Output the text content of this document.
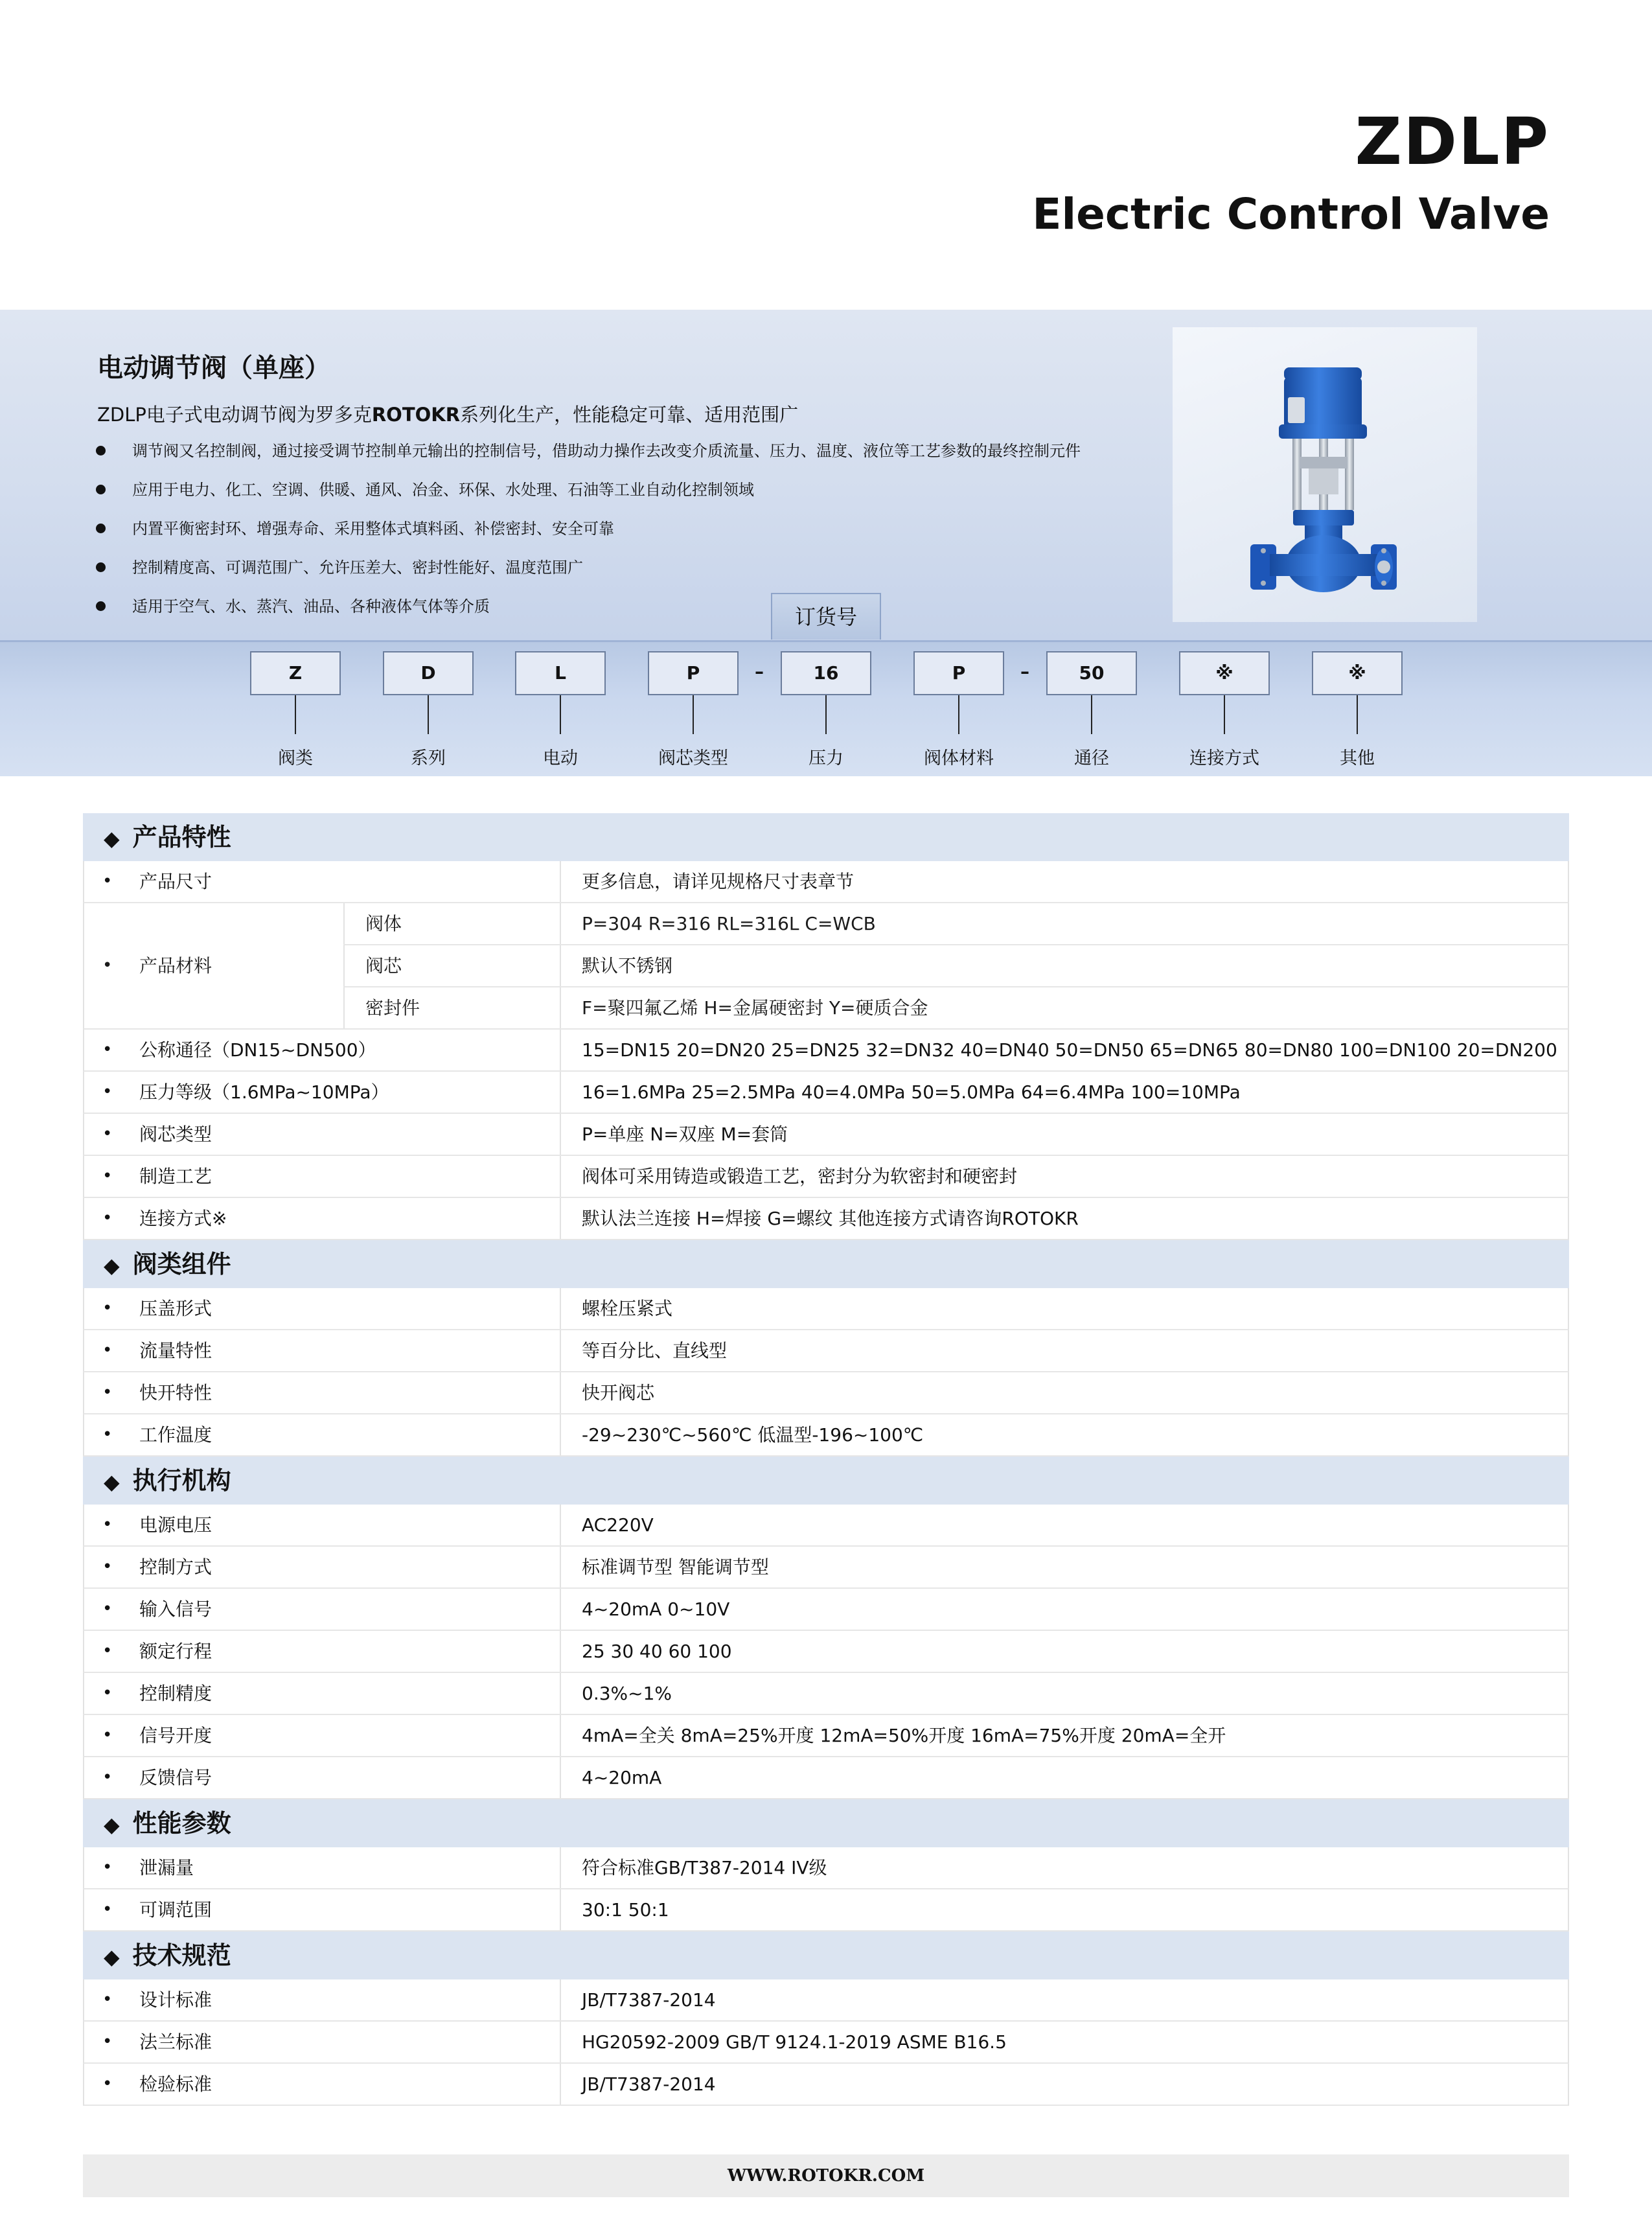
ZDLP
Electric Control Valve
电动调节阀（单座）
ZDLP电子式电动调节阀为罗多克ROTOKR系列化生产，性能稳定可靠、适用范围广
调节阀又名控制阀，通过接受调节控制单元输出的控制信号，借助动力操作去改变介质流量、压力、温度、液位等工艺参数的最终控制元件
应用于电力、化工、空调、供暖、通风、冶金、环保、水处理、石油等工业自动化控制领域
内置平衡密封环、增强寿命、采用整体式填料函、补偿密封、安全可靠
控制精度高、可调范围广、允许压差大、密封性能好、温度范围广
适用于空气、水、蒸汽、油品、各种液体气体等介质	订货号
Z
阀类
D
系列
L
电动
P
阀芯类型
–	16
压力
P
阀体材料
–	50
通径
※
连接方式
※
其他
◆ 产品特性
• 产品尺寸	更多信息，请详见规格尺寸表章节
• 产品材料
阀体	P=304 R=316 RL=316L C=WCB
阀芯	默认不锈钢
密封件	F=聚四氟乙烯 H=金属硬密封 Y=硬质合金
• 公称通径（DN15~DN500）	15=DN15 20=DN20 25=DN25 32=DN32 40=DN40 50=DN50 65=DN65 80=DN80 100=DN100 20=DN200
• 压力等级（1.6MPa~10MPa）	16=1.6MPa 25=2.5MPa 40=4.0MPa 50=5.0MPa 64=6.4MPa 100=10MPa
• 阀芯类型	P=单座 N=双座 M=套筒
• 制造工艺	阀体可采用铸造或锻造工艺，密封分为软密封和硬密封
• 连接方式※	默认法兰连接 H=焊接 G=螺纹 其他连接方式请咨询ROTOKR
◆ 阀类组件
• 压盖形式	螺栓压紧式
• 流量特性	等百分比、直线型
• 快开特性	快开阀芯
• 工作温度	-29~230℃~560℃ 低温型-196~100℃
◆ 执行机构
• 电源电压	AC220V
• 控制方式	标准调节型 智能调节型
• 输入信号	4~20mA 0~10V
• 额定行程	25 30 40 60 100
• 控制精度	0.3%~1%
• 信号开度	4mA=全关 8mA=25%开度 12mA=50%开度 16mA=75%开度 20mA=全开
• 反馈信号	4~20mA
◆ 性能参数
• 泄漏量	符合标准GB/T387-2014 IV级
• 可调范围	30:1 50:1
◆ 技术规范
• 设计标准	JB/T7387-2014
• 法兰标准	HG20592-2009 GB/T 9124.1-2019 ASME B16.5
• 检验标准	JB/T7387-2014
WWW.ROTOKR.COM
